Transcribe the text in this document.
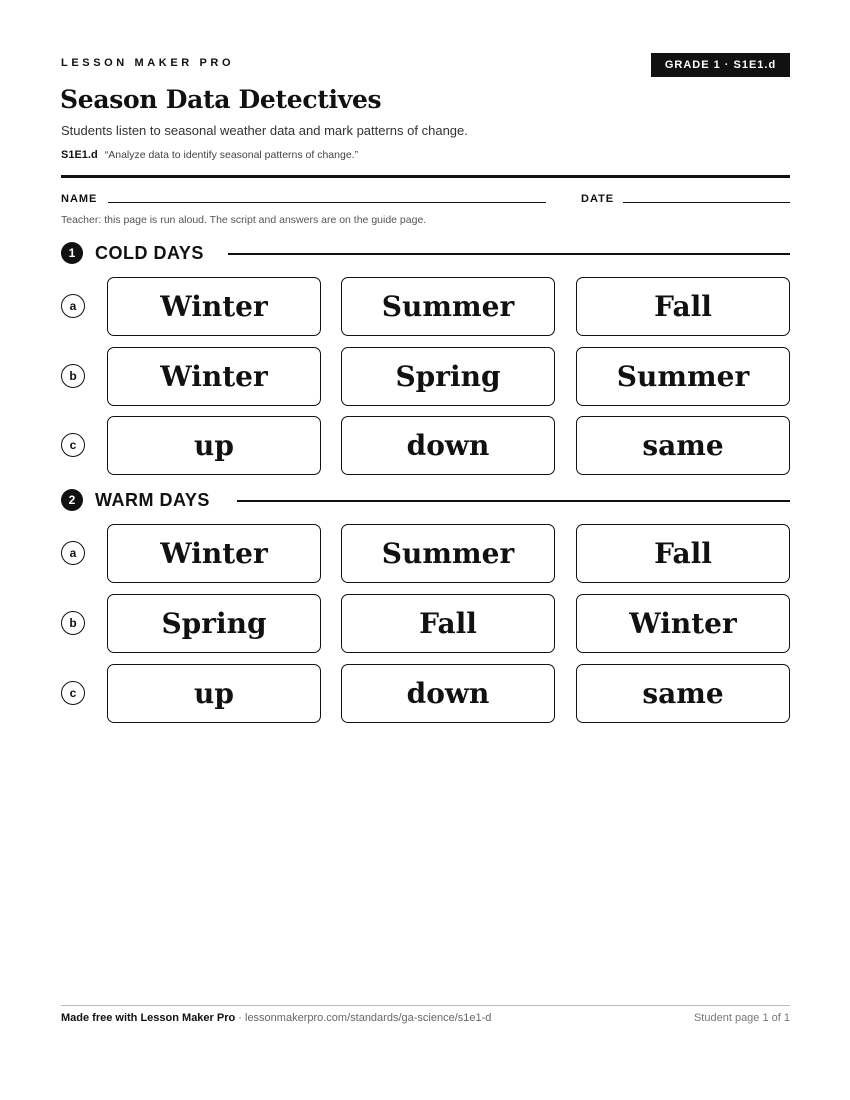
LESSON MAKER PRO	GRADE 1 · S1E1.d
Season Data Detectives
Students listen to seasonal weather data and mark patterns of change.
S1E1.d “Analyze data to identify seasonal patterns of change.”
NAME	DATE
Teacher: this page is run aloud. The script and answers are on the guide page.
1	COLD DAYS
a	Winter	Summer	Fall
b	Winter	Spring	Summer
c	up	down	same
2	WARM DAYS
a	Winter	Summer	Fall
b	Spring	Fall	Winter
c	up	down	same
Made free with Lesson Maker Pro · lessonmakerpro.com/standards/ga-science/s1e1-d	Student page 1 of 1
